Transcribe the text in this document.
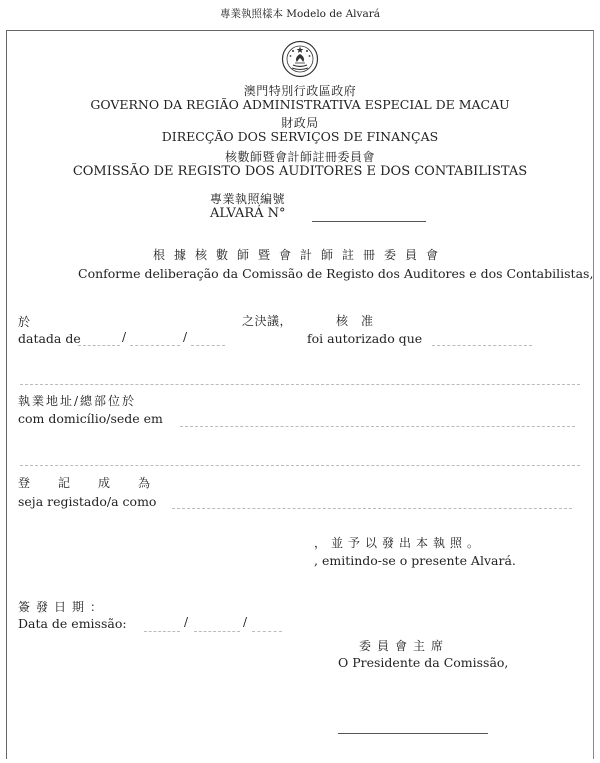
專業執照樣本 Modelo de Alvará
澳門特別行政區政府
GOVERNO DA REGIÃO ADMINISTRATIVA ESPECIAL DE MACAU
財政局
DIRECÇÃO DOS SERVIÇOS DE FINANÇAS
核數師暨會計師註冊委員會
COMISSÃO DE REGISTO DOS AUDITORES E DOS CONTABILISTAS
專業執照編號
ALVARÁ N°
根據核數師暨會計師註冊委員會
Conforme deliberação da Comissão de Registo dos Auditores e dos Contabilistas,
於	之決議，	核　准
datada de	/	/	foi autorizado que
執業地址/總部位於
com domicílio/sede em
登　記　成　為
seja registado/a como
，並予以發出本執照。
, emitindo-se o presente Alvará.
簽發日期：
Data de emissão:	/	/
委員會主席
O Presidente da Comissão,
